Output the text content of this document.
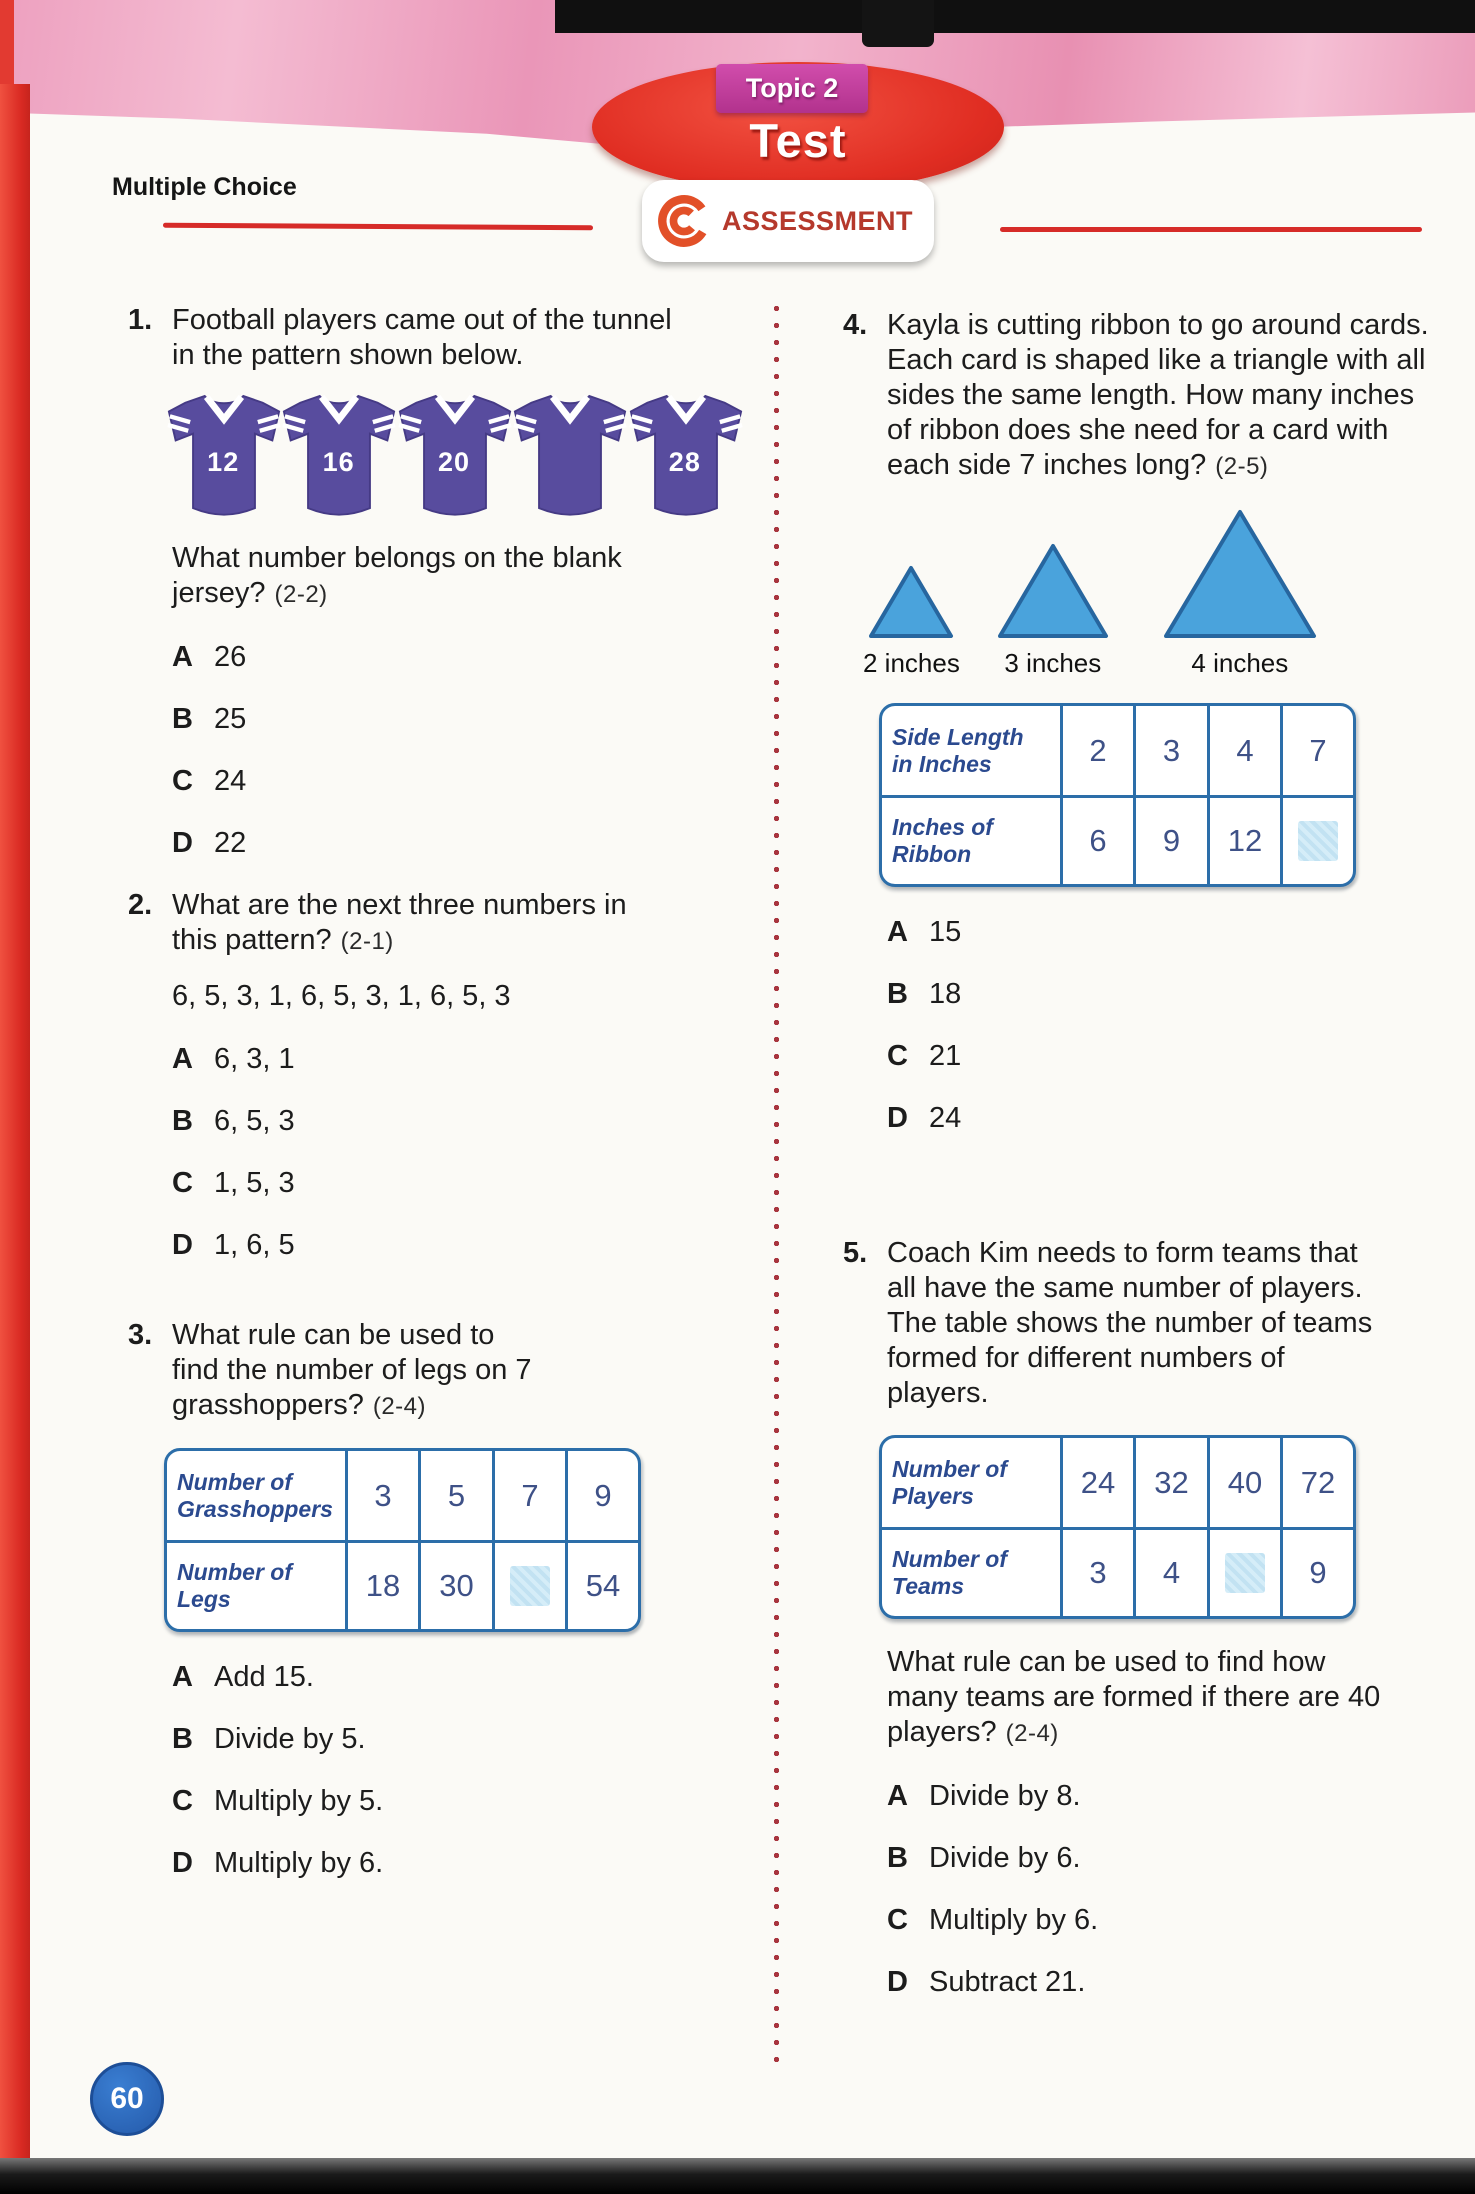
Test
Topic 2
ASSESSMENT
Multiple Choice
1. Football players came out of the tunnel in the pattern shown below.
12	16	20	28
What number belongs on the blank jersey? (2-2)
A 26
B 25
C 24
D 22
2. What are the next three numbers in this pattern? (2-1)
6, 5, 3, 1, 6, 5, 3, 1, 6, 5, 3
A 6, 3, 1
B 6, 5, 3
C 1, 5, 3
D 1, 6, 5
3. What rule can be used to find the number of legs on 7 grasshoppers? (2-4)
Number of Grasshoppers 3 5 7 9
Number of Legs	18 30	54
A Add 15.
B Divide by 5.
C Multiply by 5.
D Multiply by 6.
4. Kayla is cutting ribbon to go around cards. Each card is shaped like a triangle with all sides the same length. How many inches of ribbon does she need for a card with each side 7 inches long? (2-5)
2 inches 3 inches	4 inches
Side Length in Inches	2 3 4 7
Inches of Ribbon	6 9 12
A 15
B 18
C 21
D 24
5. Coach Kim needs to form teams that all have the same number of players. The table shows the number of teams formed for different numbers of players.
Number of Players	24 32 40 72
Number of Teams	3 4	9
What rule can be used to find how many teams are formed if there are 40 players? (2-4)
A Divide by 8.
B Divide by 6.
C Multiply by 6.
D Subtract 21.
60
